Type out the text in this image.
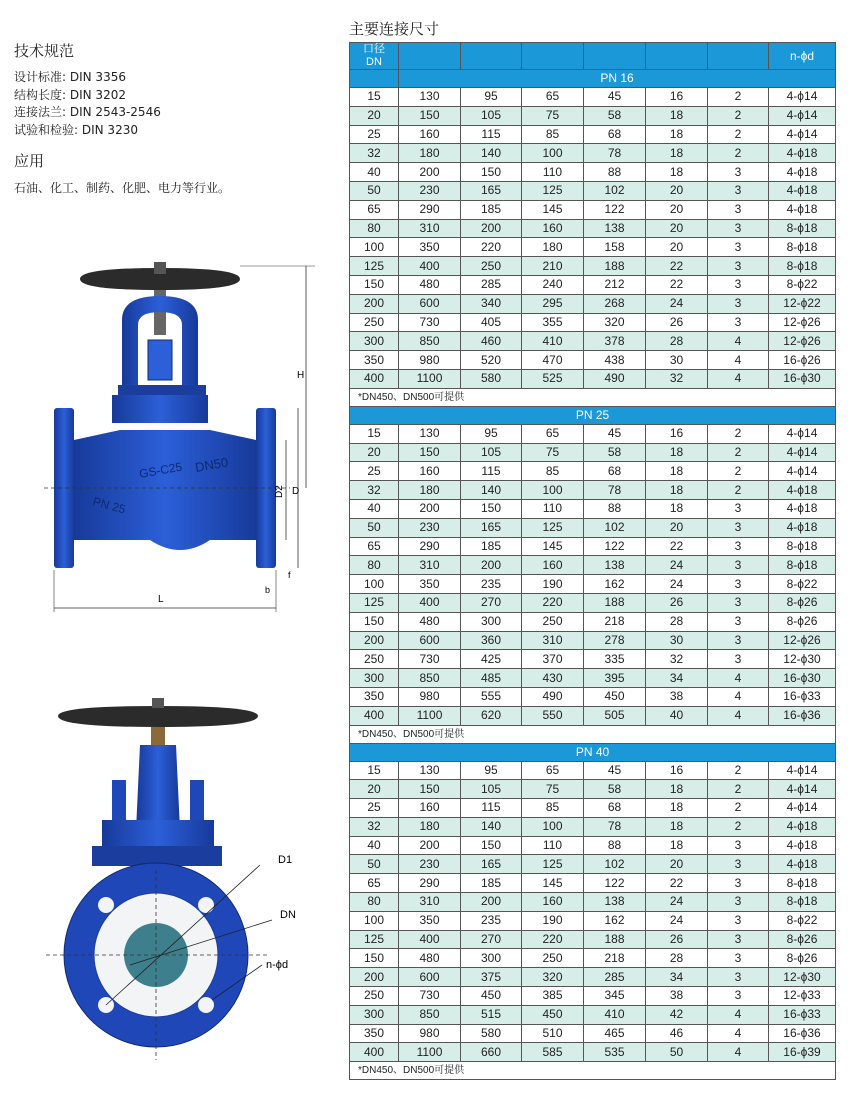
技术规范
设计标准: DIN 3356
结构长度: DIN 3202
连接法兰: DIN 2543-2546
试验和检验: DIN 3230
应用
石油、化工、制药、化肥、电力等行业。
GS-C25 DN50
PN 25
H
D2 D
L
b
f
D1
DN
n-ϕd
主要连接尺寸
口径
DN							n-ϕd
	PN 16						
15	130	95	65	45	16	2	4-ϕ14
20	150	105	75	58	18	2	4-ϕ14
25	160	115	85	68	18	2	4-ϕ14
32	180	140	100	78	18	2	4-ϕ18
40	200	150	110	88	18	3	4-ϕ18
50	230	165	125	102	20	3	4-ϕ18
65	290	185	145	122	20	3	4-ϕ18
80	310	200	160	138	20	3	8-ϕ18
100	350	220	180	158	20	3	8-ϕ18
125	400	250	210	188	22	3	8-ϕ18
150	480	285	240	212	22	3	8-ϕ22
200	600	340	295	268	24	3	12-ϕ22
250	730	405	355	320	26	3	12-ϕ26
300	850	460	410	378	28	4	12-ϕ26
350	980	520	470	438	30	4	16-ϕ26
400	1100	580	525	490	32	4	16-ϕ30
*DN450、DN500可提供							
PN 25							
15	130	95	65	45	16	2	4-ϕ14
20	150	105	75	58	18	2	4-ϕ14
25	160	115	85	68	18	2	4-ϕ14
32	180	140	100	78	18	2	4-ϕ18
40	200	150	110	88	18	3	4-ϕ18
50	230	165	125	102	20	3	4-ϕ18
65	290	185	145	122	22	3	8-ϕ18
80	310	200	160	138	24	3	8-ϕ18
100	350	235	190	162	24	3	8-ϕ22
125	400	270	220	188	26	3	8-ϕ26
150	480	300	250	218	28	3	8-ϕ26
200	600	360	310	278	30	3	12-ϕ26
250	730	425	370	335	32	3	12-ϕ30
300	850	485	430	395	34	4	16-ϕ30
350	980	555	490	450	38	4	16-ϕ33
400	1100	620	550	505	40	4	16-ϕ36
*DN450、DN500可提供							
PN 40							
15	130	95	65	45	16	2	4-ϕ14
20	150	105	75	58	18	2	4-ϕ14
25	160	115	85	68	18	2	4-ϕ14
32	180	140	100	78	18	2	4-ϕ18
40	200	150	110	88	18	3	4-ϕ18
50	230	165	125	102	20	3	4-ϕ18
65	290	185	145	122	22	3	8-ϕ18
80	310	200	160	138	24	3	8-ϕ18
100	350	235	190	162	24	3	8-ϕ22
125	400	270	220	188	26	3	8-ϕ26
150	480	300	250	218	28	3	8-ϕ26
200	600	375	320	285	34	3	12-ϕ30
250	730	450	385	345	38	3	12-ϕ33
300	850	515	450	410	42	4	16-ϕ33
350	980	580	510	465	46	4	16-ϕ36
400	1100	660	585	535	50	4	16-ϕ39
*DN450、DN500可提供							
